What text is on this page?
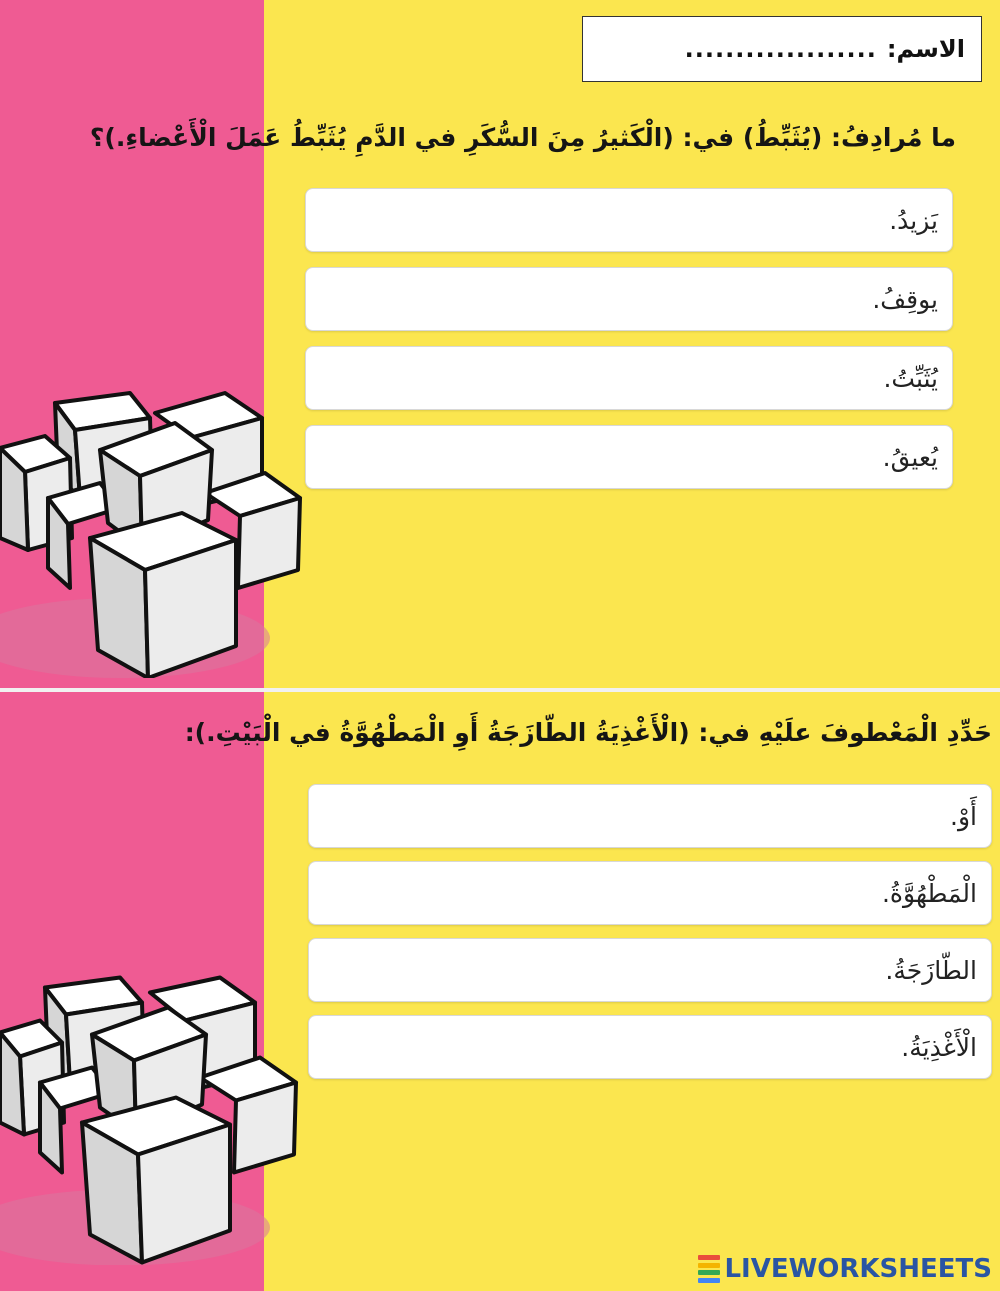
الاسم:
...................
ما مُرادِفُ: (يُثَبِّطُ) في: (الْكَثيرُ مِنَ السُّكَرِ في الدَّمِ يُثَبِّطُ عَمَلَ الْأَعْضاءِ.)؟
يَزيدُ.
يوقِفُ.
يُثَبِّتُ.
يُعيقُ.
حَدِّدِ الْمَعْطوفَ علَيْهِ في: (الْأَغْذِيَةُ الطّازَجَةُ أَوِ الْمَطْهُوَّةُ في الْبَيْتِ.):
أَوْ.
الْمَطْهُوَّةُ.
الطّازَجَةُ.
الْأَغْذِيَةُ.
LIVEWORKSHEETS
